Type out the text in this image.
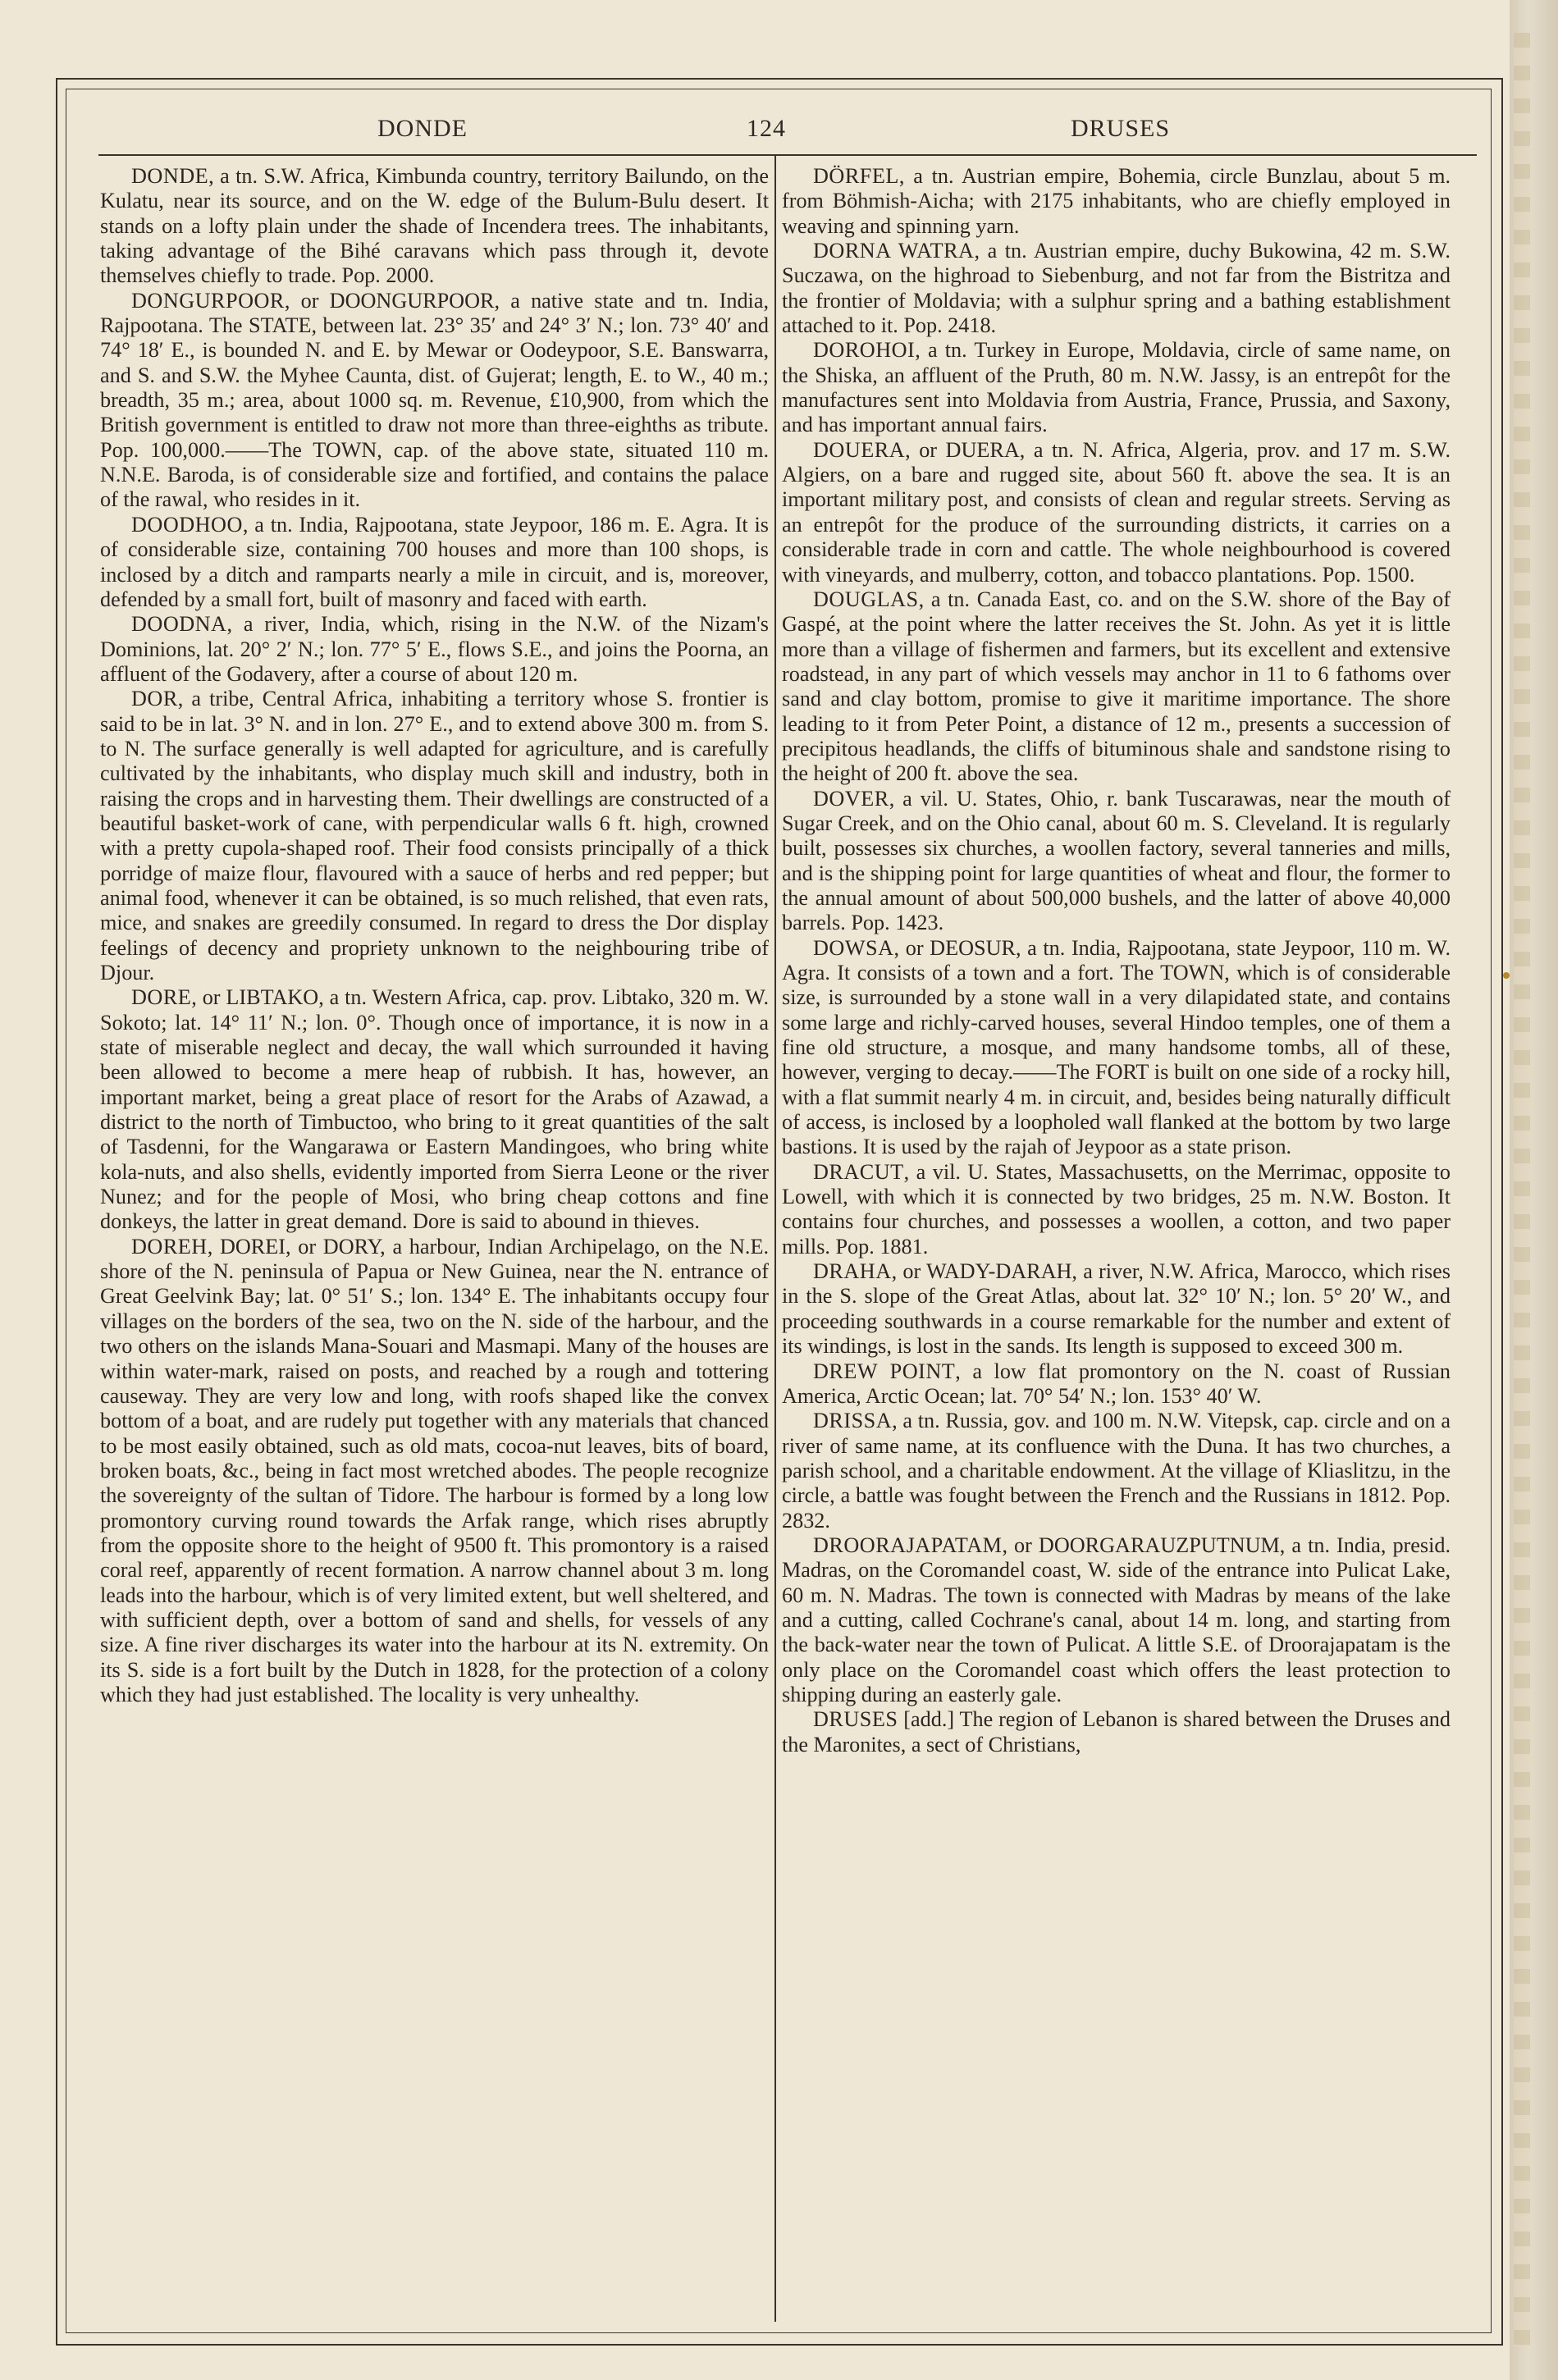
DONDE	124	DRUSES

DONDE, a tn. S.W. Africa, Kimbunda country, territory Bailundo, on the Kulatu, near its source, and on the W. edge of the Bulum-Bulu desert. It stands on a lofty plain under the shade of Incendera trees. The inhabitants, taking advantage of the Bihé caravans which pass through it, devote themselves chiefly to trade. Pop. 2000.

DONGURPOOR, or DOONGURPOOR, a native state and tn. India, Rajpootana. The STATE, between lat. 23° 35′ and 24° 3′ N.; lon. 73° 40′ and 74° 18′ E., is bounded N. and E. by Mewar or Oodeypoor, S.E. Banswarra, and S. and S.W. the Myhee Caunta, dist. of Gujerat; length, E. to W., 40 m.; breadth, 35 m.; area, about 1000 sq. m. Revenue, £10,900, from which the British government is entitled to draw not more than three-eighths as tribute. Pop. 100,000.——The TOWN, cap. of the above state, situated 110 m. N.N.E. Baroda, is of considerable size and fortified, and contains the palace of the rawal, who resides in it.

DOODHOO, a tn. India, Rajpootana, state Jeypoor, 186 m. E. Agra. It is of considerable size, containing 700 houses and more than 100 shops, is inclosed by a ditch and ramparts nearly a mile in circuit, and is, moreover, defended by a small fort, built of masonry and faced with earth.

DOODNA, a river, India, which, rising in the N.W. of the Nizam's Dominions, lat. 20° 2′ N.; lon. 77° 5′ E., flows S.E., and joins the Poorna, an affluent of the Godavery, after a course of about 120 m.

DOR, a tribe, Central Africa, inhabiting a territory whose S. frontier is said to be in lat. 3° N. and in lon. 27° E., and to extend above 300 m. from S. to N. The surface generally is well adapted for agriculture, and is carefully cultivated by the inhabitants, who display much skill and industry, both in raising the crops and in harvesting them. Their dwellings are constructed of a beautiful basket-work of cane, with perpendicular walls 6 ft. high, crowned with a pretty cupola-shaped roof. Their food consists principally of a thick porridge of maize flour, flavoured with a sauce of herbs and red pepper; but animal food, whenever it can be obtained, is so much relished, that even rats, mice, and snakes are greedily consumed. In regard to dress the Dor display feelings of decency and propriety unknown to the neighbouring tribe of Djour.

DORE, or LIBTAKO, a tn. Western Africa, cap. prov. Libtako, 320 m. W. Sokoto; lat. 14° 11′ N.; lon. 0°. Though once of importance, it is now in a state of miserable neglect and decay, the wall which surrounded it having been allowed to become a mere heap of rubbish. It has, however, an important market, being a great place of resort for the Arabs of Azawad, a district to the north of Timbuctoo, who bring to it great quantities of the salt of Tasdenni, for the Wangarawa or Eastern Mandingoes, who bring white kola-nuts, and also shells, evidently imported from Sierra Leone or the river Nunez; and for the people of Mosi, who bring cheap cottons and fine donkeys, the latter in great demand. Dore is said to abound in thieves.

DOREH, DOREI, or DORY, a harbour, Indian Archipelago, on the N.E. shore of the N. peninsula of Papua or New Guinea, near the N. entrance of Great Geelvink Bay; lat. 0° 51′ S.; lon. 134° E. The inhabitants occupy four villages on the borders of the sea, two on the N. side of the harbour, and the two others on the islands Mana-Souari and Masmapi. Many of the houses are within water-mark, raised on posts, and reached by a rough and tottering causeway. They are very low and long, with roofs shaped like the convex bottom of a boat, and are rudely put together with any materials that chanced to be most easily obtained, such as old mats, cocoa-nut leaves, bits of board, broken boats, &c., being in fact most wretched abodes. The people recognize the sovereignty of the sultan of Tidore. The harbour is formed by a long low promontory curving round towards the Arfak range, which rises abruptly from the opposite shore to the height of 9500 ft. This promontory is a raised coral reef, apparently of recent formation. A narrow channel about 3 m. long leads into the harbour, which is of very limited extent, but well sheltered, and with sufficient depth, over a bottom of sand and shells, for vessels of any size. A fine river discharges its water into the harbour at its N. extremity. On its S. side is a fort built by the Dutch in 1828, for the protection of a colony which they had just established. The locality is very unhealthy.

DÖRFEL, a tn. Austrian empire, Bohemia, circle Bunzlau, about 5 m. from Böhmish-Aicha; with 2175 inhabitants, who are chiefly employed in weaving and spinning yarn.

DORNA WATRA, a tn. Austrian empire, duchy Bukowina, 42 m. S.W. Suczawa, on the highroad to Siebenburg, and not far from the Bistritza and the frontier of Moldavia; with a sulphur spring and a bathing establishment attached to it. Pop. 2418.

DOROHOI, a tn. Turkey in Europe, Moldavia, circle of same name, on the Shiska, an affluent of the Pruth, 80 m. N.W. Jassy, is an entrepôt for the manufactures sent into Moldavia from Austria, France, Prussia, and Saxony, and has important annual fairs.

DOUERA, or DUERA, a tn. N. Africa, Algeria, prov. and 17 m. S.W. Algiers, on a bare and rugged site, about 560 ft. above the sea. It is an important military post, and consists of clean and regular streets. Serving as an entrepôt for the produce of the surrounding districts, it carries on a considerable trade in corn and cattle. The whole neighbourhood is covered with vineyards, and mulberry, cotton, and tobacco plantations. Pop. 1500.

DOUGLAS, a tn. Canada East, co. and on the S.W. shore of the Bay of Gaspé, at the point where the latter receives the St. John. As yet it is little more than a village of fishermen and farmers, but its excellent and extensive roadstead, in any part of which vessels may anchor in 11 to 6 fathoms over sand and clay bottom, promise to give it maritime importance. The shore leading to it from Peter Point, a distance of 12 m., presents a succession of precipitous headlands, the cliffs of bituminous shale and sandstone rising to the height of 200 ft. above the sea.

DOVER, a vil. U. States, Ohio, r. bank Tuscarawas, near the mouth of Sugar Creek, and on the Ohio canal, about 60 m. S. Cleveland. It is regularly built, possesses six churches, a woollen factory, several tanneries and mills, and is the shipping point for large quantities of wheat and flour, the former to the annual amount of about 500,000 bushels, and the latter of above 40,000 barrels. Pop. 1423.

DOWSA, or DEOSUR, a tn. India, Rajpootana, state Jeypoor, 110 m. W. Agra. It consists of a town and a fort. The TOWN, which is of considerable size, is surrounded by a stone wall in a very dilapidated state, and contains some large and richly-carved houses, several Hindoo temples, one of them a fine old structure, a mosque, and many handsome tombs, all of these, however, verging to decay.——The FORT is built on one side of a rocky hill, with a flat summit nearly 4 m. in circuit, and, besides being naturally difficult of access, is inclosed by a loopholed wall flanked at the bottom by two large bastions. It is used by the rajah of Jeypoor as a state prison.

DRACUT, a vil. U. States, Massachusetts, on the Merrimac, opposite to Lowell, with which it is connected by two bridges, 25 m. N.W. Boston. It contains four churches, and possesses a woollen, a cotton, and two paper mills. Pop. 1881.

DRAHA, or WADY-DARAH, a river, N.W. Africa, Marocco, which rises in the S. slope of the Great Atlas, about lat. 32° 10′ N.; lon. 5° 20′ W., and proceeding southwards in a course remarkable for the number and extent of its windings, is lost in the sands. Its length is supposed to exceed 300 m.

DREW POINT, a low flat promontory on the N. coast of Russian America, Arctic Ocean; lat. 70° 54′ N.; lon. 153° 40′ W.

DRISSA, a tn. Russia, gov. and 100 m. N.W. Vitepsk, cap. circle and on a river of same name, at its confluence with the Duna. It has two churches, a parish school, and a charitable endowment. At the village of Kliaslitzu, in the circle, a battle was fought between the French and the Russians in 1812. Pop. 2832.

DROORAJAPATAM, or DOORGARAUZPUTNUM, a tn. India, presid. Madras, on the Coromandel coast, W. side of the entrance into Pulicat Lake, 60 m. N. Madras. The town is connected with Madras by means of the lake and a cutting, called Cochrane's canal, about 14 m. long, and starting from the back-water near the town of Pulicat. A little S.E. of Droorajapatam is the only place on the Coromandel coast which offers the least protection to shipping during an easterly gale.

DRUSES [add.] The region of Lebanon is shared between the Druses and the Maronites, a sect of Christians,
